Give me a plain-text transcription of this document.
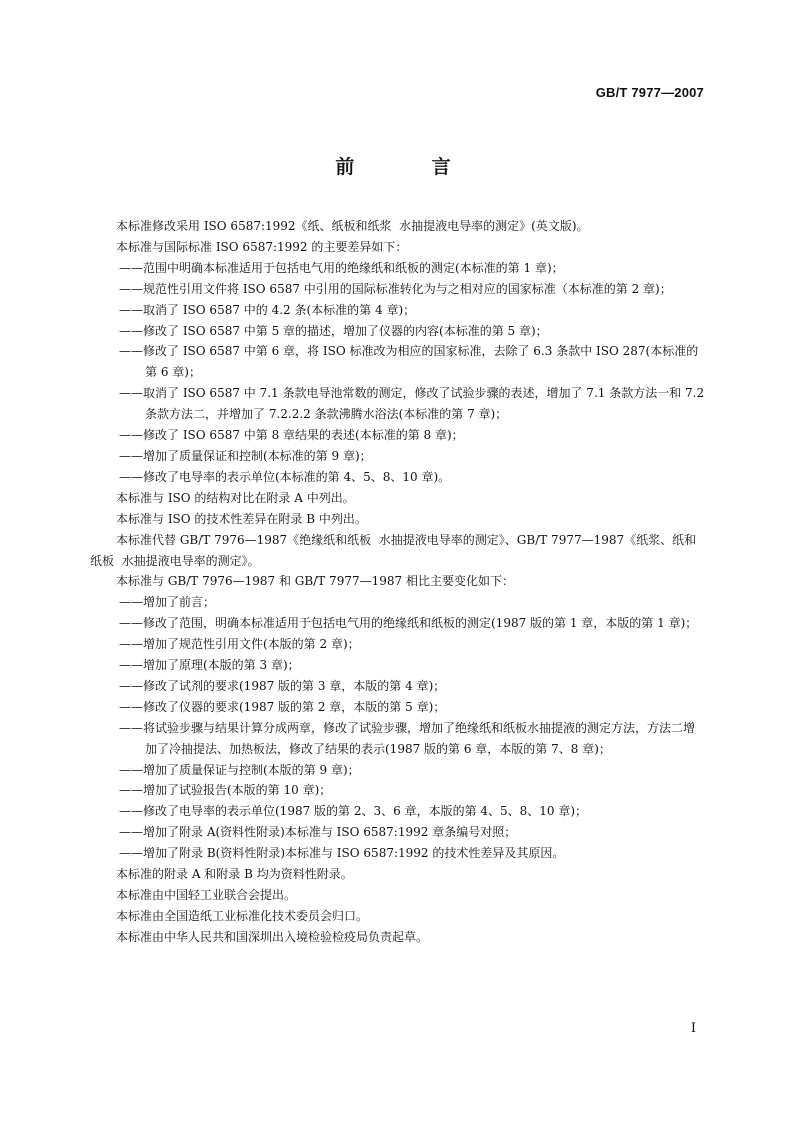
GB/T 7977—2007
前 言

本标准修改采用 ISO 6587:1992《纸、纸板和纸浆  水抽提液电导率的测定》(英文版)。

本标准与国际标准 ISO 6587:1992 的主要差异如下：

——范围中明确本标准适用于包括电气用的绝缘纸和纸板的测定(本标准的第 1 章)；

——规范性引用文件将 ISO 6587 中引用的国际标准转化为与之相对应的国家标准（本标准的第 2 章)；

——取消了 ISO 6587 中的 4.2 条(本标准的第 4 章)；

——修改了 ISO 6587 中第 5 章的描述，增加了仪器的内容(本标准的第 5 章)；

——修改了 ISO 6587 中第 6 章，将 ISO 标准改为相应的国家标准，去除了 6.3 条款中 ISO 287(本标准的第 6 章)；

——取消了 ISO 6587 中 7.1 条款电导池常数的测定，修改了试验步骤的表述，增加了 7.1 条款方法一和 7.2 条款方法二，并增加了 7.2.2.2 条款沸腾水浴法(本标准的第 7 章)；

——修改了 ISO 6587 中第 8 章结果的表述(本标准的第 8 章)；

——增加了质量保证和控制(本标准的第 9 章)；

——修改了电导率的表示单位(本标准的第 4、5、8、10 章)。

本标准与 ISO 的结构对比在附录 A 中列出。

本标准与 ISO 的技术性差异在附录 B 中列出。

本标准代替 GB/T 7976—1987《绝缘纸和纸板  水抽提液电导率的测定》、GB/T 7977—1987《纸浆、纸和纸板  水抽提液电导率的测定》。

本标准与 GB/T 7976—1987 和 GB/T 7977—1987 相比主要变化如下：

——增加了前言；

——修改了范围，明确本标准适用于包括电气用的绝缘纸和纸板的测定(1987 版的第 1 章，本版的第 1 章)；

——增加了规范性引用文件(本版的第 2 章)；

——增加了原理(本版的第 3 章)；

——修改了试剂的要求(1987 版的第 3 章，本版的第 4 章)；

——修改了仪器的要求(1987 版的第 2 章，本版的第 5 章)；

——将试验步骤与结果计算分成两章，修改了试验步骤，增加了绝缘纸和纸板水抽提液的测定方法，方法二增加了冷抽提法、加热板法，修改了结果的表示(1987 版的第 6 章，本版的第 7、8 章)；

——增加了质量保证与控制(本版的第 9 章)；

——增加了试验报告(本版的第 10 章)；

——修改了电导率的表示单位(1987 版的第 2、3、6 章，本版的第 4、5、8、10 章)；

——增加了附录 A(资料性附录)本标准与 ISO 6587:1992 章条编号对照；

——增加了附录 B(资料性附录)本标准与 ISO 6587:1992 的技术性差异及其原因。

本标准的附录 A 和附录 B 均为资料性附录。

本标准由中国轻工业联合会提出。

本标准由全国造纸工业标准化技术委员会归口。

本标准由中华人民共和国深圳出入境检验检疫局负责起草。

I
